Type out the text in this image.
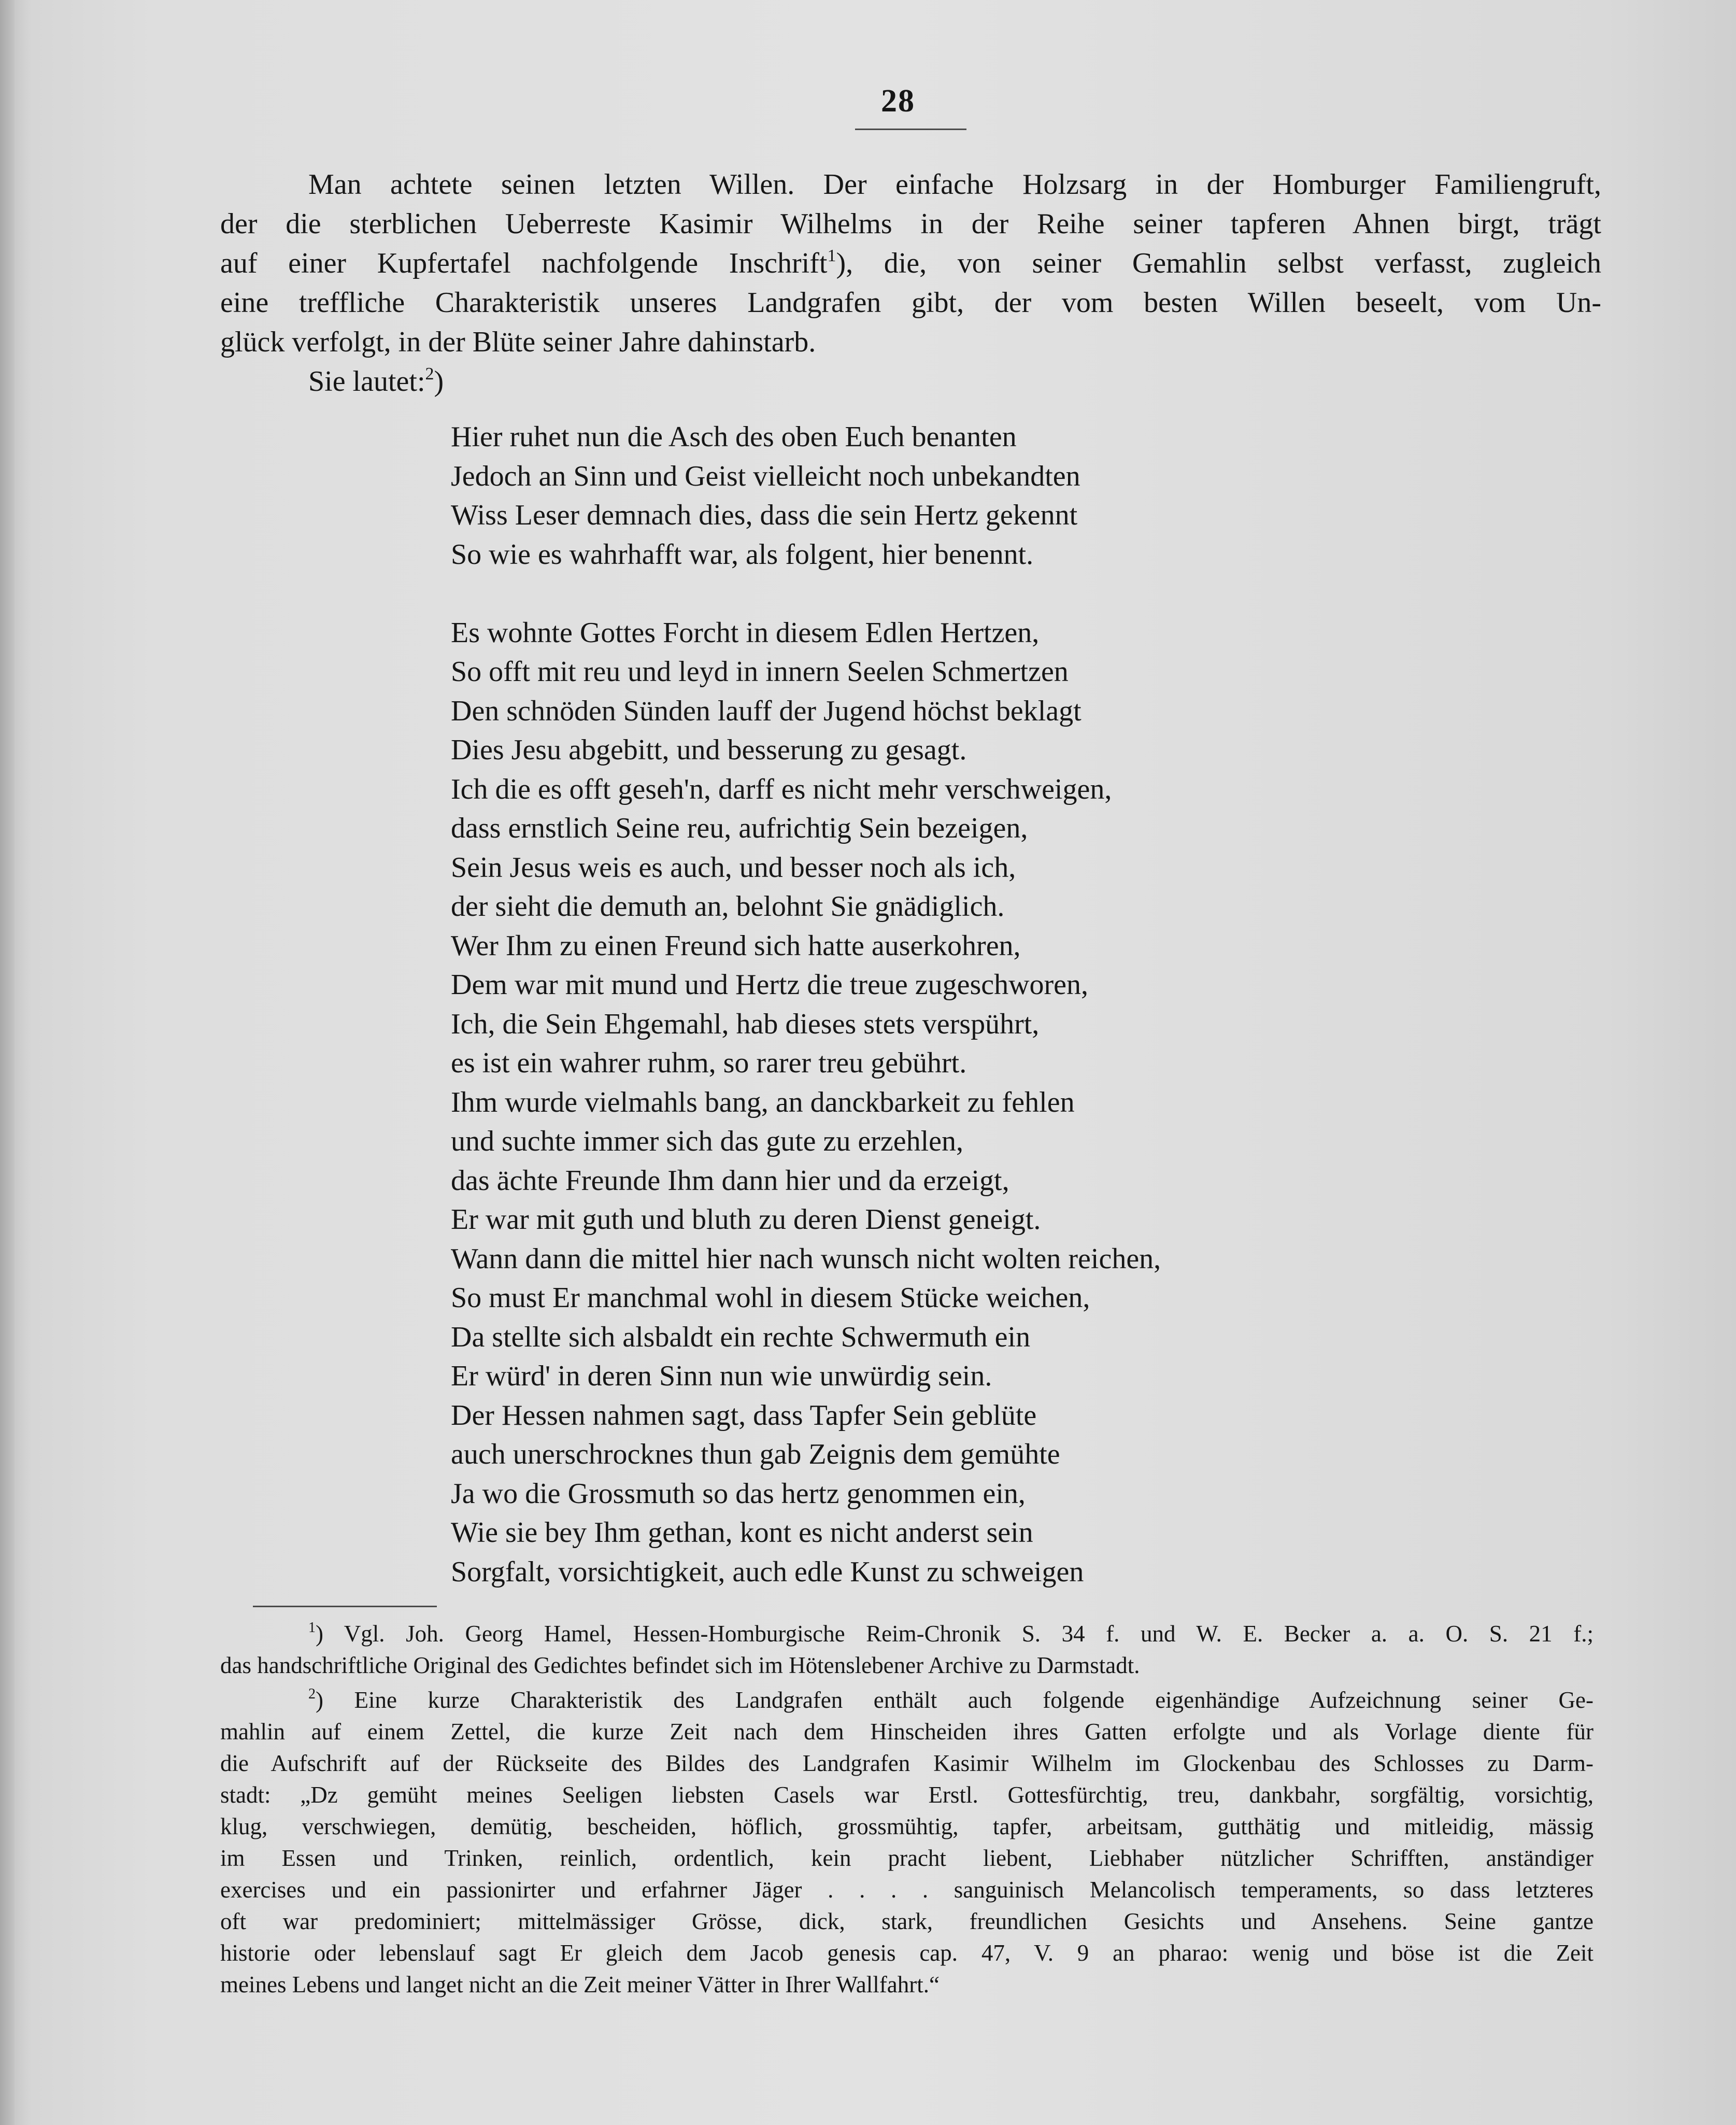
28
Man achtete seinen letzten Willen. Der einfache Holzsarg in der Homburger Familiengruft,
der die sterblichen Ueberreste Kasimir Wilhelms in der Reihe seiner tapferen Ahnen birgt, trägt
auf einer Kupfertafel nachfolgende Inschrift$^1$), die, von seiner Gemahlin selbst verfasst, zugleich
eine treffliche Charakteristik unseres Landgrafen gibt, der vom besten Willen beseelt, vom Un-
glück verfolgt, in der Blüte seiner Jahre dahinstarb.
Sie lautet:$^2$)
Hier ruhet nun die Asch des oben Euch benanten
Jedoch an Sinn und Geist vielleicht noch unbekandten
Wiss Leser demnach dies, dass die sein Hertz gekennt
So wie es wahrhafft war, als folgent, hier benennt.
Es wohnte Gottes Forcht in diesem Edlen Hertzen,
So offt mit reu und leyd in innern Seelen Schmertzen
Den schnöden Sünden lauff der Jugend höchst beklagt
Dies Jesu abgebitt, und besserung zu gesagt.
Ich die es offt geseh'n, darff es nicht mehr verschweigen,
dass ernstlich Seine reu, aufrichtig Sein bezeigen,
Sein Jesus weis es auch, und besser noch als ich,
der sieht die demuth an, belohnt Sie gnädiglich.
Wer Ihm zu einen Freund sich hatte auserkohren,
Dem war mit mund und Hertz die treue zugeschworen,
Ich, die Sein Ehgemahl, hab dieses stets verspührt,
es ist ein wahrer ruhm, so rarer treu gebührt.
Ihm wurde vielmahls bang, an danckbarkeit zu fehlen
und suchte immer sich das gute zu erzehlen,
das ächte Freunde Ihm dann hier und da erzeigt,
Er war mit guth und bluth zu deren Dienst geneigt.
Wann dann die mittel hier nach wunsch nicht wolten reichen,
So must Er manchmal wohl in diesem Stücke weichen,
Da stellte sich alsbaldt ein rechte Schwermuth ein
Er würd' in deren Sinn nun wie unwürdig sein.
Der Hessen nahmen sagt, dass Tapfer Sein geblüte
auch unerschrocknes thun gab Zeignis dem gemühte
Ja wo die Grossmuth so das hertz genommen ein,
Wie sie bey Ihm gethan, kont es nicht anderst sein
Sorgfalt, vorsichtigkeit, auch edle Kunst zu schweigen
$^1$) Vgl. Joh. Georg Hamel, Hessen-Homburgische Reim-Chronik S. 34 f. und W. E. Becker a. a. O. S. 21 f.;
das handschriftliche Original des Gedichtes befindet sich im Hötenslebener Archive zu Darmstadt.
$^2$) Eine kurze Charakteristik des Landgrafen enthält auch folgende eigenhändige Aufzeichnung seiner Ge-
mahlin auf einem Zettel, die kurze Zeit nach dem Hinscheiden ihres Gatten erfolgte und als Vorlage diente für
die Aufschrift auf der Rückseite des Bildes des Landgrafen Kasimir Wilhelm im Glockenbau des Schlosses zu Darm-
stadt: „Dz gemüht meines Seeligen liebsten Casels war Erstl. Gottesfürchtig, treu, dankbahr, sorgfältig, vorsichtig,
klug, verschwiegen, demütig, bescheiden, höflich, grossmühtig, tapfer, arbeitsam, gutthätig und mitleidig, mässig
im Essen und Trinken, reinlich, ordentlich, kein pracht liebent, Liebhaber nützlicher Schrifften, anständiger
exercises und ein passionirter und erfahrner Jäger . . . . sanguinisch Melancolisch temperaments, so dass letzteres
oft war predominiert; mittelmässiger Grösse, dick, stark, freundlichen Gesichts und Ansehens. Seine gantze
historie oder lebenslauf sagt Er gleich dem Jacob genesis cap. 47, V. 9 an pharao: wenig und böse ist die Zeit
meines Lebens und langet nicht an die Zeit meiner Vätter in Ihrer Wallfahrt.“
